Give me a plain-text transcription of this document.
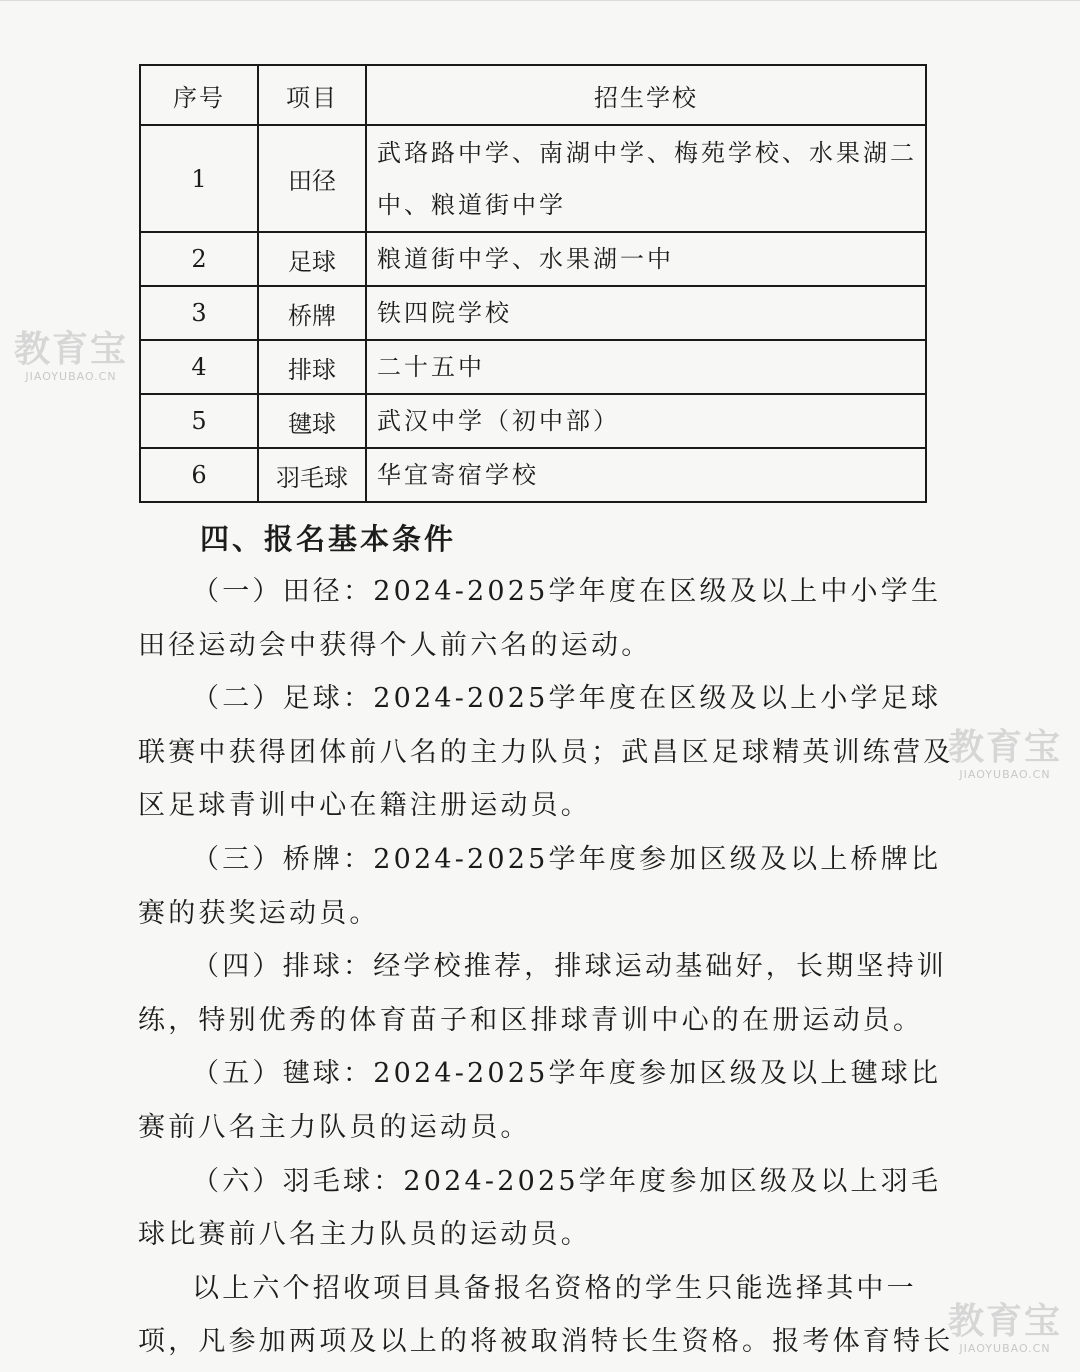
序号	项目	招生学校
1	田径	武珞路中学、南湖中学、梅苑学校、水果湖二中、粮道街中学
2	足球	粮道街中学、水果湖一中
3	桥牌	铁四院学校
4	排球	二十五中
5	毽球	武汉中学（初中部）
6	羽毛球	华宜寄宿学校
四、报名基本条件

（一）田径：2024-2025学年度在区级及以上中小学生田径运动会中获得个人前六名的运动。

（二）足球：2024-2025学年度在区级及以上小学足球联赛中获得团体前八名的主力队员；武昌区足球精英训练营及区足球青训中心在籍注册运动员。

（三）桥牌：2024-2025学年度参加区级及以上桥牌比赛的获奖运动员。

（四）排球：经学校推荐，排球运动基础好，长期坚持训练，特别优秀的体育苗子和区排球青训中心的在册运动员。

（五）毽球：2024-2025学年度参加区级及以上毽球比赛前八名主力队员的运动员。

（六）羽毛球：2024-2025学年度参加区级及以上羽毛球比赛前八名主力队员的运动员。

以上六个招收项目具备报名资格的学生只能选择其中一项，凡参加两项及以上的将被取消特长生资格。报考体育特长

教育宝
JIAOYUBAO.CN
教育宝
JIAOYUBAO.CN
教育宝
JIAOYUBAO.CN
